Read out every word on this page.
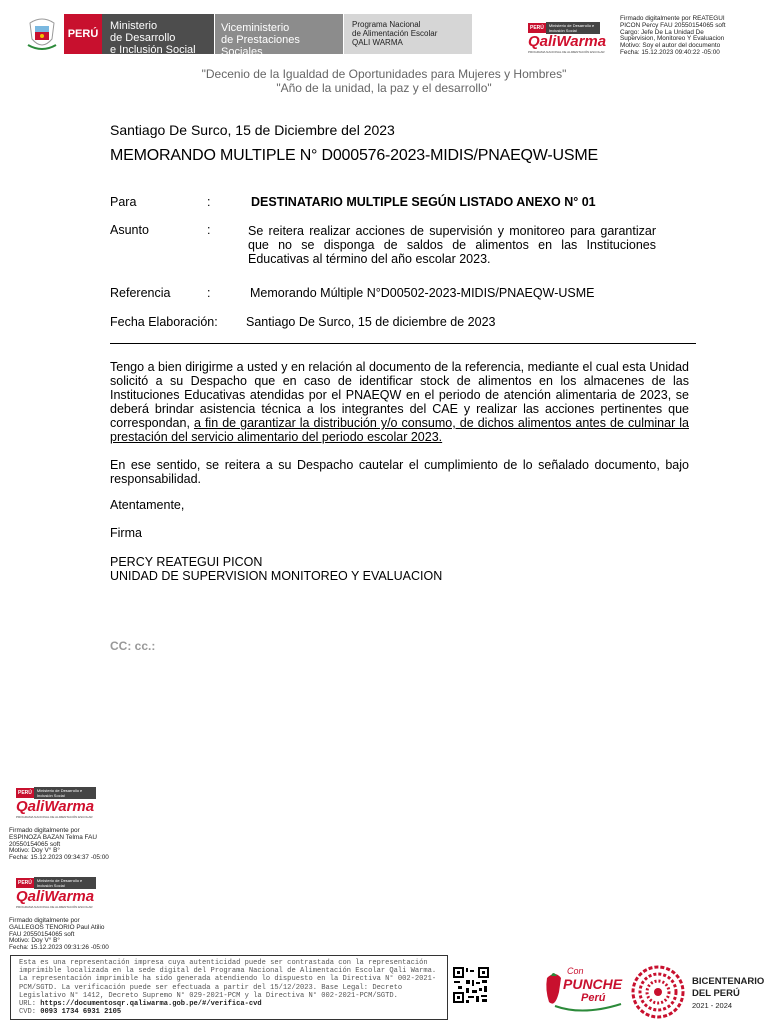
PERÚ
Ministerio
de Desarrollo
e Inclusión Social
Viceministerio
de Prestaciones Sociales
Programa Nacional
de Alimentación Escolar
QALI WARMA
PERÚ	Ministerio de Desarrollo e Inclusión Social
QaliWarma
PROGRAMA NACIONAL DE ALIMENTACIÓN ESCOLAR
Firmado digitalmente por REATEGUI
PICON Percy FAU 20550154065 soft
Cargo: Jefe De La Unidad De
Supervision, Monitoreo Y Evaluacion
Motivo: Soy el autor del documento
Fecha: 15.12.2023 09:40:22 -05:00
"Decenio de la Igualdad de Oportunidades para Mujeres y Hombres"
"Año de la unidad, la paz y el desarrollo"
Santiago De Surco, 15 de Diciembre del 2023
MEMORANDO MULTIPLE N° D000576-2023-MIDIS/PNAEQW-USME
Para	:	DESTINATARIO MULTIPLE SEGÚN LISTADO ANEXO N° 01
Asunto	:	Se reitera realizar acciones de supervisión y monitoreo para garantizar que no se disponga de saldos de alimentos en las Instituciones Educativas al término del año escolar 2023.
Referencia	:	Memorando Múltiple N°D00502-2023-MIDIS/PNAEQW-USME
Fecha Elaboración: Santiago De Surco, 15 de diciembre de 2023
Tengo a bien dirigirme a usted y en relación al documento de la referencia, mediante el cual esta Unidad solicitó a su Despacho que en caso de identificar stock de alimentos en los almacenes de las Instituciones Educativas atendidas por el PNAEQW en el periodo de atención alimentaria de 2023, se deberá brindar asistencia técnica a los integrantes del CAE y realizar las acciones pertinentes que correspondan, a fin de garantizar la distribución y/o consumo, de dichos alimentos antes de culminar la prestación del servicio alimentario del periodo escolar 2023.
En ese sentido, se reitera a su Despacho cautelar el cumplimiento de lo señalado documento, bajo responsabilidad.
Atentamente,
Firma
PERCY REATEGUI PICON
UNIDAD DE SUPERVISION MONITOREO Y EVALUACION
CC: cc.:
PERÚ	Ministerio de Desarrollo e Inclusión Social
QaliWarma
PROGRAMA NACIONAL DE ALIMENTACIÓN ESCOLAR
Firmado digitalmente por
ESPINOZA BAZAN Telma FAU
20550154065 soft
Motivo: Doy V° B°
Fecha: 15.12.2023 09:34:37 -05:00
PERÚ	Ministerio de Desarrollo e Inclusión Social
QaliWarma
PROGRAMA NACIONAL DE ALIMENTACIÓN ESCOLAR
Firmado digitalmente por
GALLEGOS TENORIO Paul Atilio
FAU 20550154065 soft
Motivo: Doy V° B°
Fecha: 15.12.2023 09:31:26 -05:00
Esta es una representación impresa cuya autenticidad puede ser contrastada con la representación imprimible localizada en la sede digital del Programa Nacional de Alimentación Escolar Qali Warma. La representación imprimible ha sido generada atendiendo lo dispuesto en la Directiva N° 002-2021-PCM/SGTD. La verificación puede ser efectuada a partir del 15/12/2023. Base Legal: Decreto Legislativo N° 1412, Decreto Supremo N° 029-2021-PCM y la Directiva N° 002-2021-PCM/SGTD.
URL: https://documentosqr.qaliwarma.gob.pe/#/verifica-cvd
CVD: 0093 1734 6931 2105
Con
PUNCHE
Perú
BICENTENARIO
DEL PERÚ
2021 - 2024
